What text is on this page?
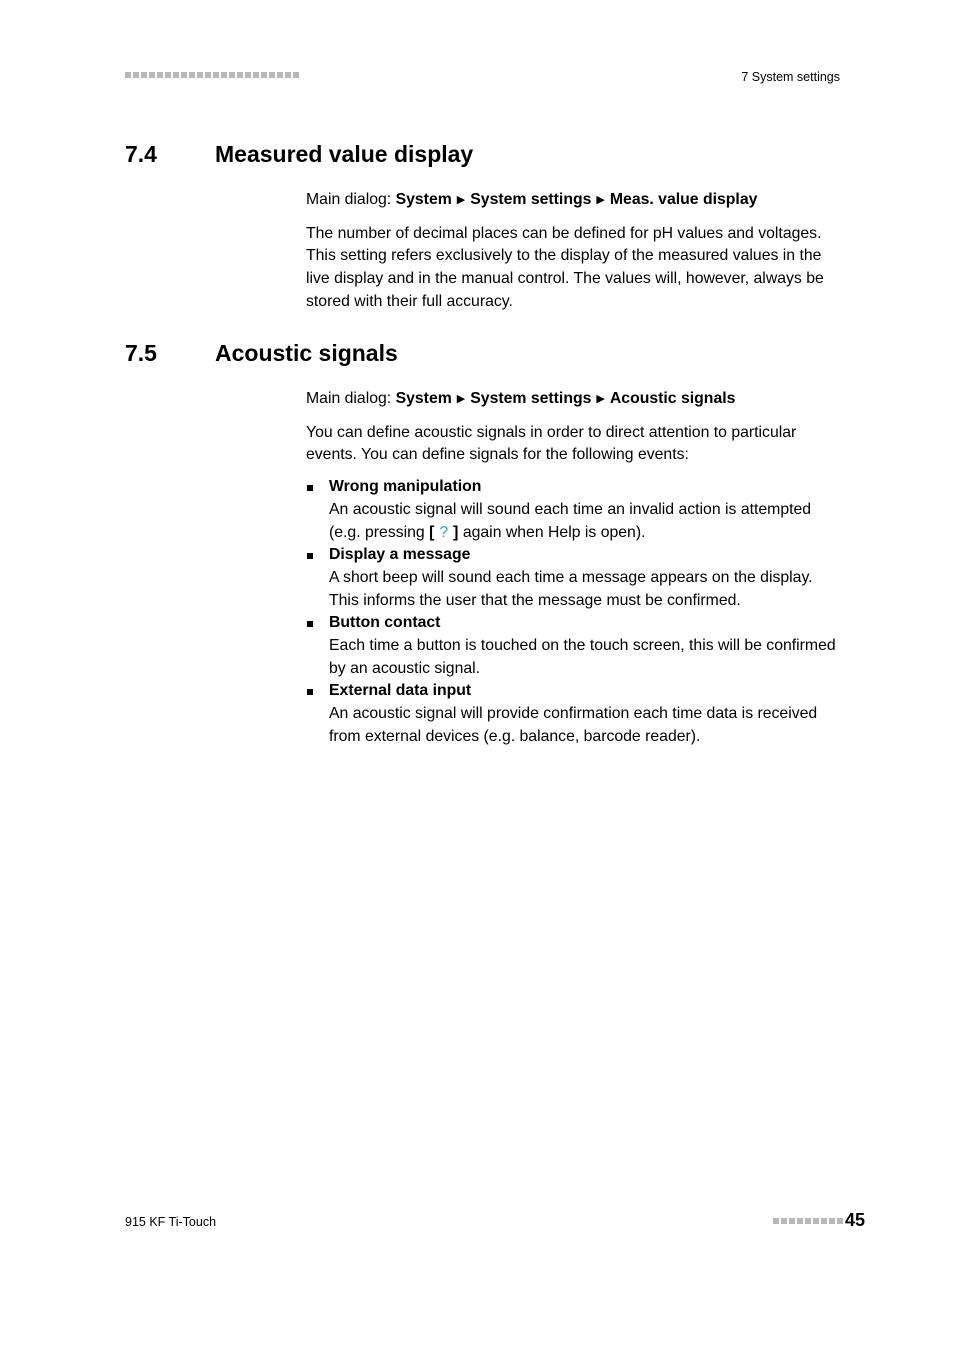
7 System settings
7.4	Measured value display

Main dialog: System ▶ System settings ▶ Meas. value display

The number of decimal places can be defined for pH values and voltages. This setting refers exclusively to the display of the measured values in the live display and in the manual control. The values will, however, always be stored with their full accuracy.

7.5	Acoustic signals

Main dialog: System ▶ System settings ▶ Acoustic signals

You can define acoustic signals in order to direct attention to particular events. You can define signals for the following events:

Wrong manipulation
An acoustic signal will sound each time an invalid action is attempted (e.g. pressing [ ? ] again when Help is open).
Display a message
A short beep will sound each time a message appears on the display. This informs the user that the message must be confirmed.
Button contact
Each time a button is touched on the touch screen, this will be confirmed by an acoustic signal.
External data input
An acoustic signal will provide confirmation each time data is received from external devices (e.g. balance, barcode reader).
915 KF Ti-Touch	45
